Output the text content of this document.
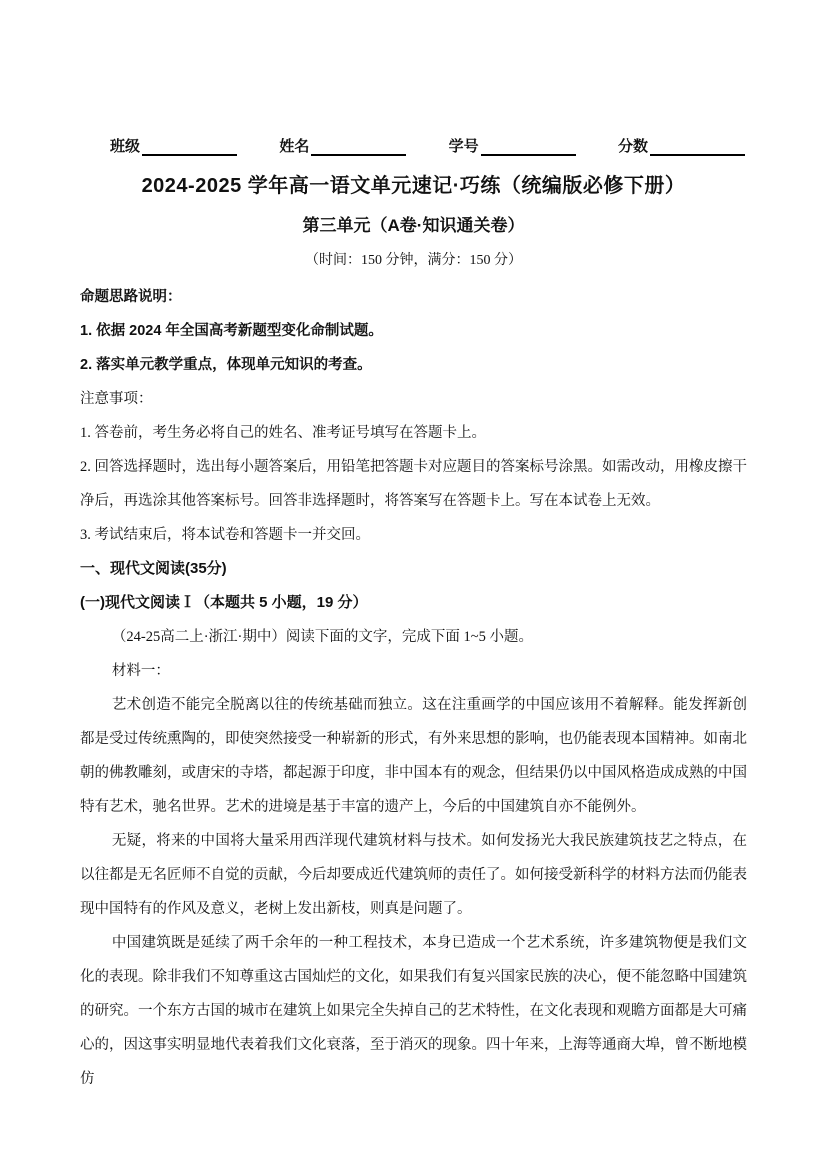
班级	姓名	学号	分数
2024-2025 学年高一语文单元速记·巧练（统编版必修下册）
第三单元（A卷·知识通关卷）
（时间：150 分钟，满分：150 分）

命题思路说明：

1. 依据 2024 年全国高考新题型变化命制试题。

2. 落实单元教学重点，体现单元知识的考查。

注意事项：

1. 答卷前，考生务必将自己的姓名、准考证号填写在答题卡上。

2. 回答选择题时，选出每小题答案后，用铅笔把答题卡对应题目的答案标号涂黑。如需改动，用橡皮擦干净后，再选涂其他答案标号。回答非选择题时，将答案写在答题卡上。写在本试卷上无效。

3. 考试结束后，将本试卷和答题卡一并交回。

一、现代文阅读(35分)

(一)现代文阅读Ⅰ（本题共 5 小题，19 分）

（24-25高二上·浙江·期中）阅读下面的文字，完成下面 1~5 小题。

材料一：

艺术创造不能完全脱离以往的传统基础而独立。这在注重画学的中国应该用不着解释。能发挥新创都是受过传统熏陶的，即使突然接受一种崭新的形式，有外来思想的影响，也仍能表现本国精神。如南北朝的佛教雕刻，或唐宋的寺塔，都起源于印度，非中国本有的观念，但结果仍以中国风格造成成熟的中国特有艺术，驰名世界。艺术的进境是基于丰富的遗产上，今后的中国建筑自亦不能例外。

无疑，将来的中国将大量采用西洋现代建筑材料与技术。如何发扬光大我民族建筑技艺之特点，在以往都是无名匠师不自觉的贡献，今后却要成近代建筑师的责任了。如何接受新科学的材料方法而仍能表现中国特有的作风及意义，老树上发出新枝，则真是问题了。

中国建筑既是延续了两千余年的一种工程技术，本身已造成一个艺术系统，许多建筑物便是我们文化的表现。除非我们不知尊重这古国灿烂的文化，如果我们有复兴国家民族的决心，便不能忽略中国建筑的研究。一个东方古国的城市在建筑上如果完全失掉自己的艺术特性，在文化表现和观瞻方面都是大可痛心的，因这事实明显地代表着我们文化衰落，至于消灭的现象。四十年来，上海等通商大埠，曾不断地模仿
